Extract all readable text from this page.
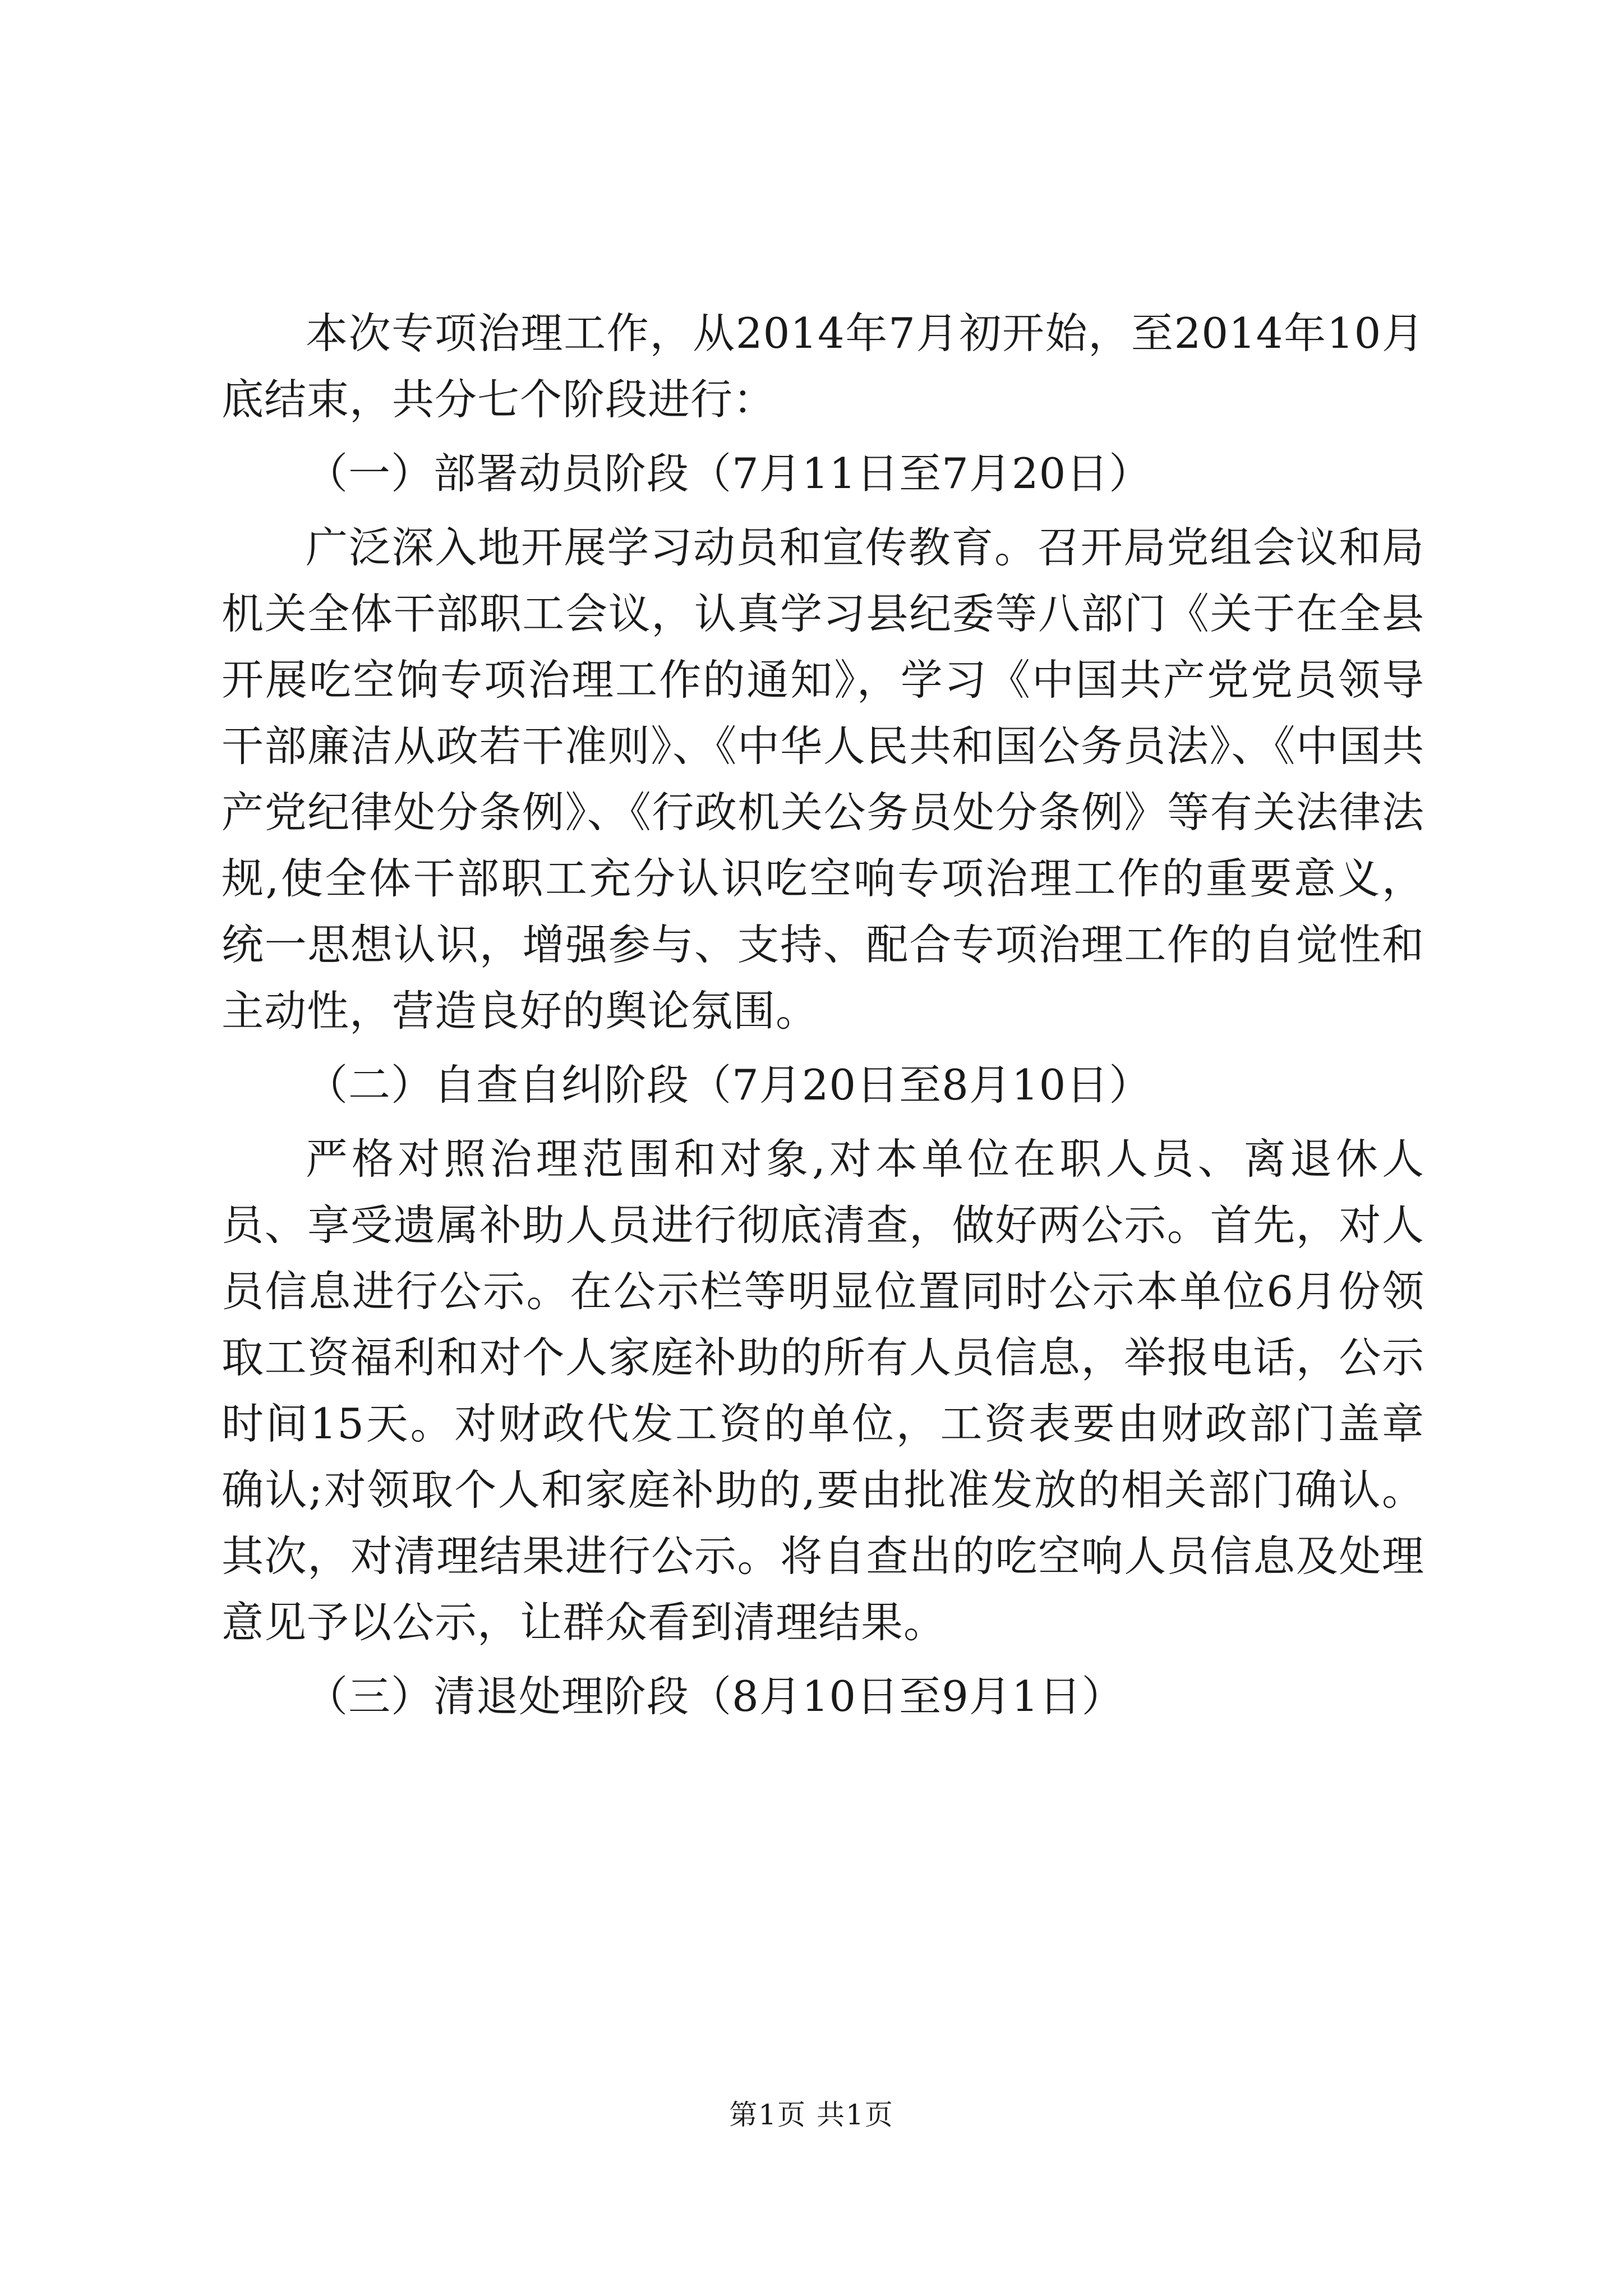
本次专项治理工作，从2014年7月初开始，至2014年10月底结束，共分七个阶段进行：

（一）部署动员阶段（7月11日至7月20日）

广泛深入地开展学习动员和宣传教育。召开局党组会议和局机关全体干部职工会议，认真学习县纪委等八部门《关于在全县开展吃空饷专项治理工作的通知》，学习《中国共产党党员领导干部廉洁从政若干准则》、《中华人民共和国公务员法》、《中国共产党纪律处分条例》、《行政机关公务员处分条例》等有关法律法规,使全体干部职工充分认识吃空响专项治理工作的重要意义，统一思想认识，增强参与、支持、配合专项治理工作的自觉性和主动性，营造良好的舆论氛围。

（二）自查自纠阶段（7月20日至8月10日）

严格对照治理范围和对象,对本单位在职人员、离退休人员、享受遗属补助人员进行彻底清查，做好两公示。首先，对人员信息进行公示。在公示栏等明显位置同时公示本单位6月份领取工资福利和对个人家庭补助的所有人员信息，举报电话，公示时间15天。对财政代发工资的单位，工资表要由财政部门盖章确认;对领取个人和家庭补助的,要由批准发放的相关部门确认。其次，对清理结果进行公示。将自查出的吃空响人员信息及处理意见予以公示，让群众看到清理结果。

（三）清退处理阶段（8月10日至9月1日）

第1页 共1页
